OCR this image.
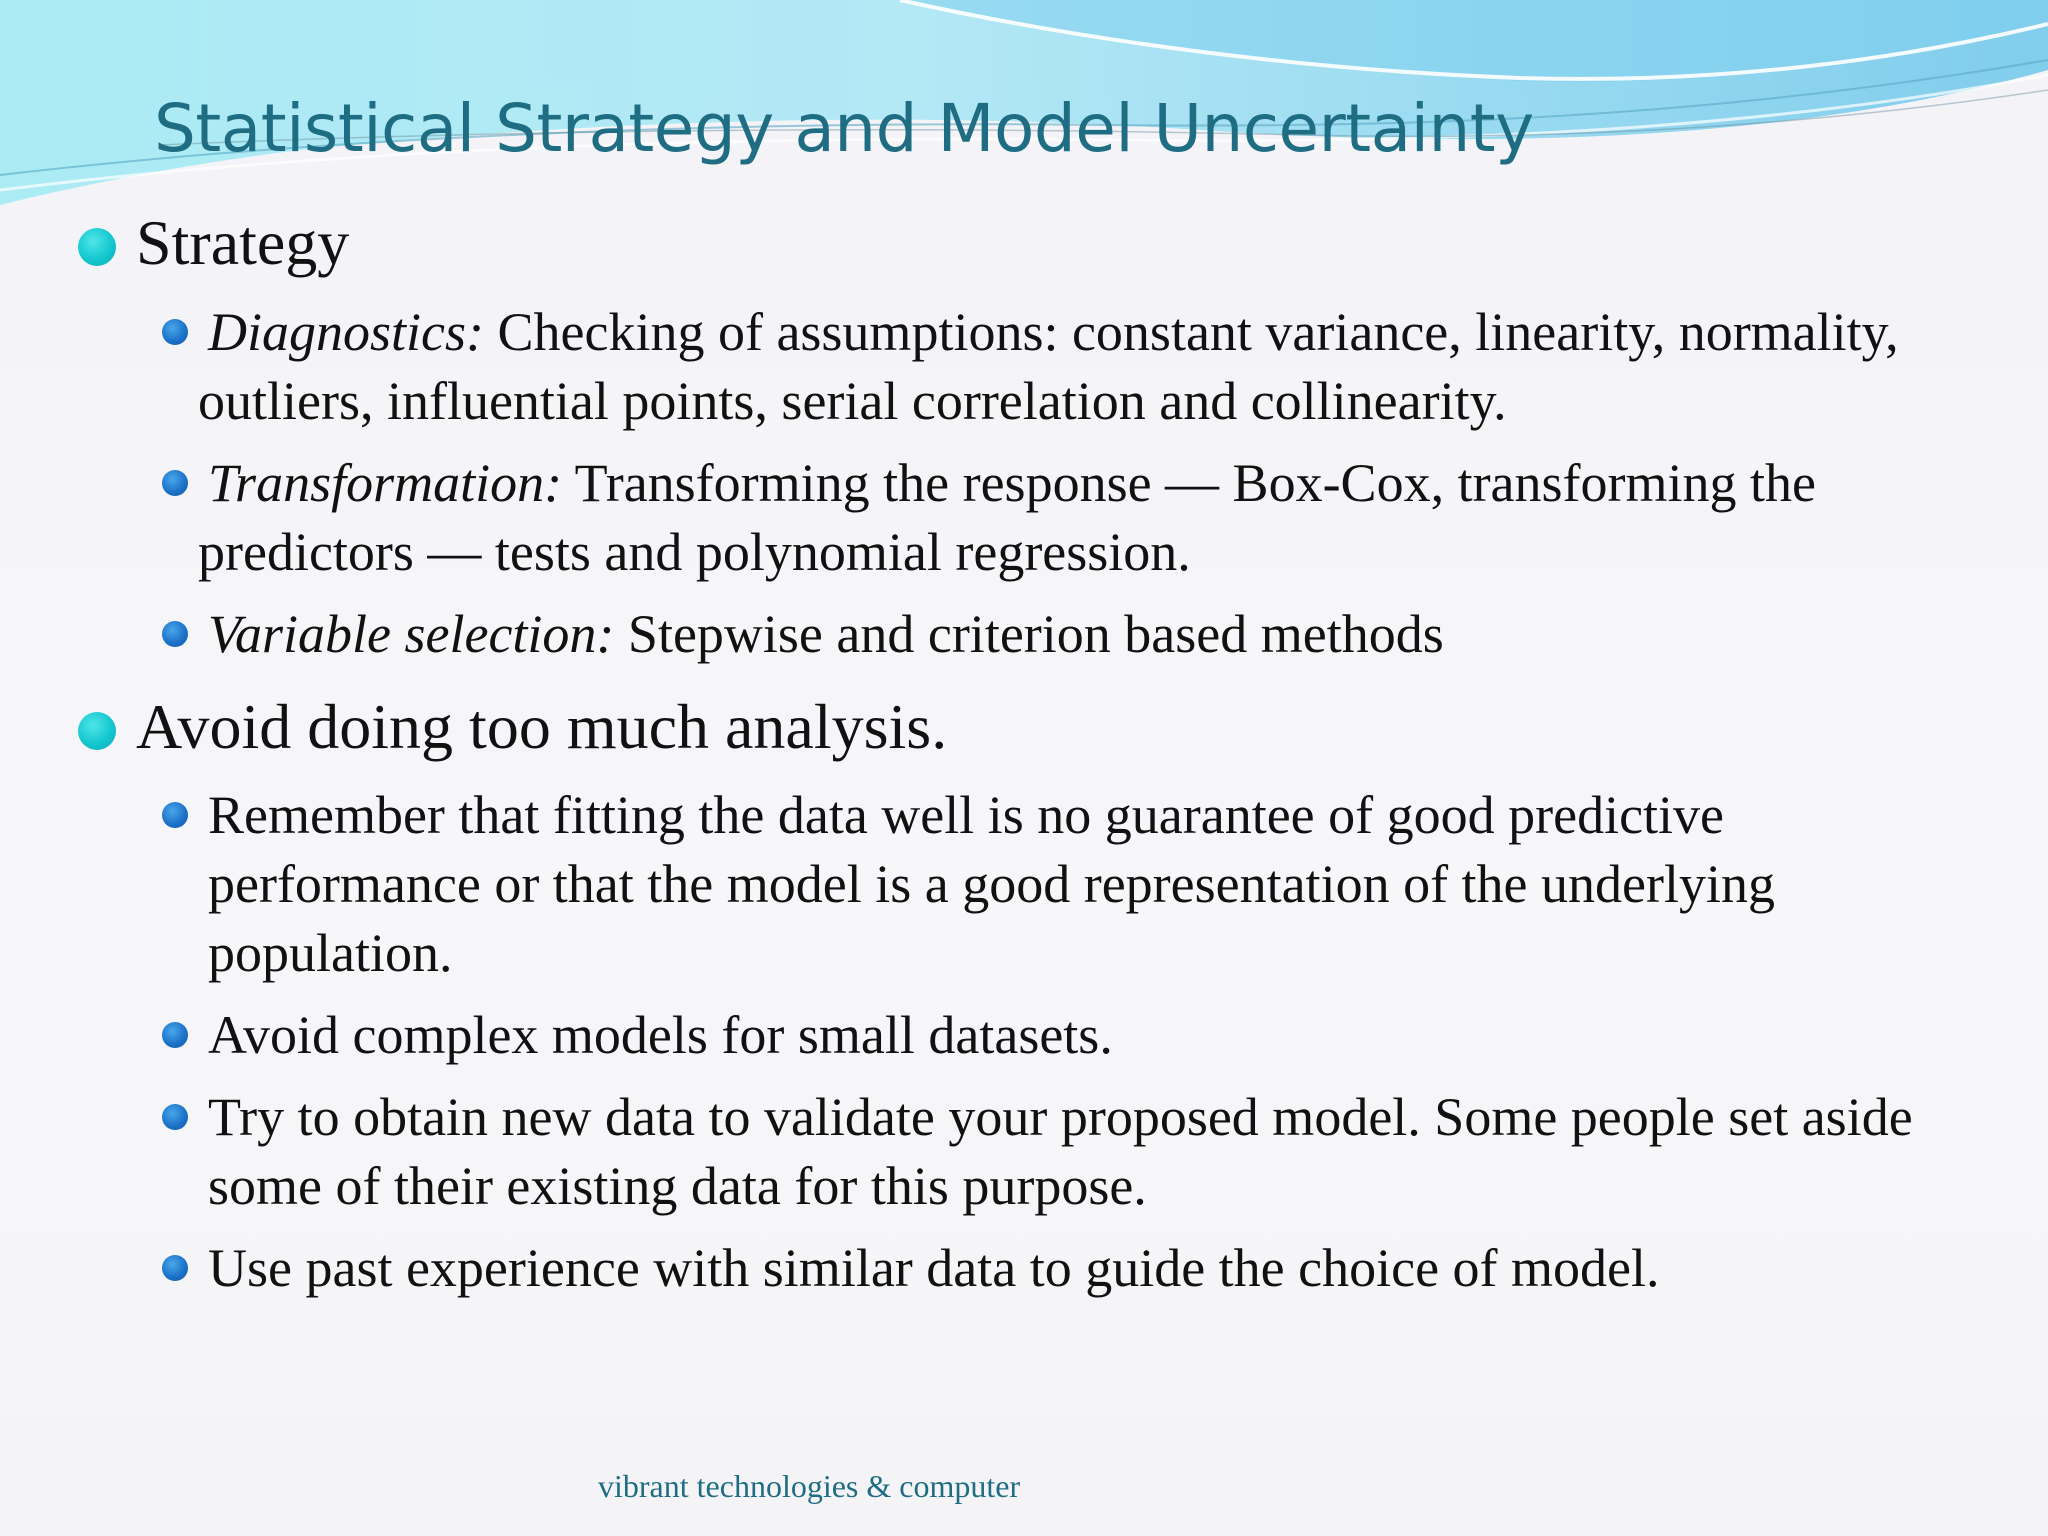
Statistical Strategy and Model Uncertainty

Strategy

Diagnostics: Checking of assumptions: constant variance, linearity, normality, outliers, influential points, serial correlation and collinearity.

Transformation: Transforming the response — Box-Cox, transforming the predictors — tests and polynomial regression.

Variable selection: Stepwise and criterion based methods

Avoid doing too much analysis.

Remember that fitting the data well is no guarantee of good predictive performance or that the model is a good representation of the underlying population.

Avoid complex models for small datasets.

Try to obtain new data to validate your proposed model. Some people set aside some of their existing data for this purpose.

Use past experience with similar data to guide the choice of model.

vibrant technologies & computer
